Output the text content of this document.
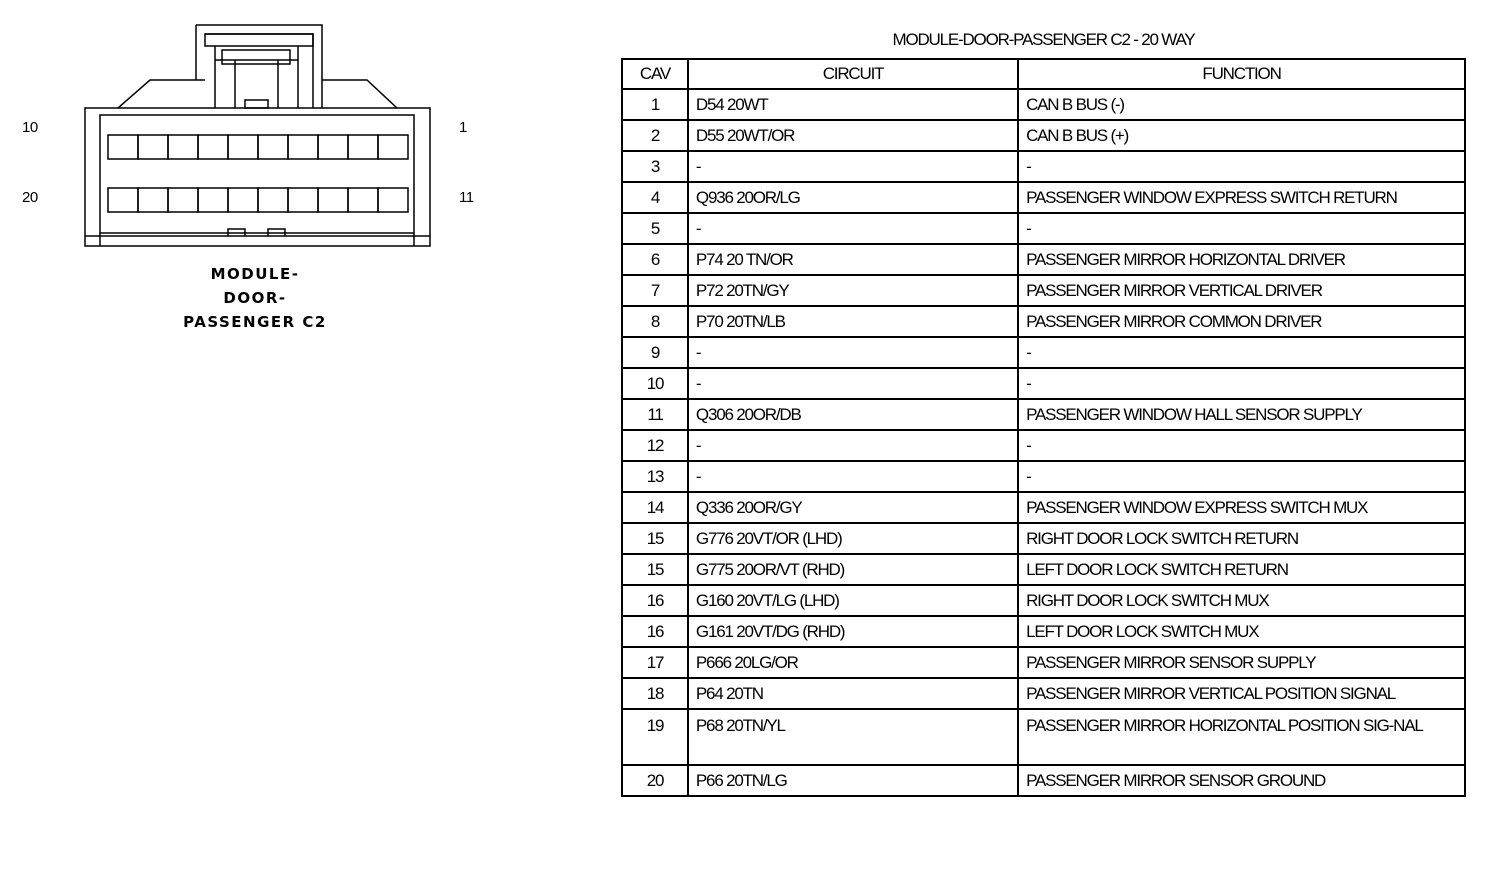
10	1
20	11
MODULE-
DOOR-
PASSENGER C2
MODULE-DOOR-PASSENGER C2 - 20 WAY
CAV	CIRCUIT	FUNCTION
1	D54 20WT	CAN B BUS (-)
2	D55 20WT/OR	CAN B BUS (+)
3	-	-
4	Q936 20OR/LG	PASSENGER WINDOW EXPRESS SWITCH RETURN
5	-	-
6	P74 20 TN/OR	PASSENGER MIRROR HORIZONTAL DRIVER
7	P72 20TN/GY	PASSENGER MIRROR VERTICAL DRIVER
8	P70 20TN/LB	PASSENGER MIRROR COMMON DRIVER
9	-	-
10	-	-
11	Q306 20OR/DB	PASSENGER WINDOW HALL SENSOR SUPPLY
12	-	-
13	-	-
14	Q336 20OR/GY	PASSENGER WINDOW EXPRESS SWITCH MUX
15	G776 20VT/OR (LHD)	RIGHT DOOR LOCK SWITCH RETURN
15	G775 20OR/VT (RHD)	LEFT DOOR LOCK SWITCH RETURN
16	G160 20VT/LG (LHD)	RIGHT DOOR LOCK SWITCH MUX
16	G161 20VT/DG (RHD)	LEFT DOOR LOCK SWITCH MUX
17	P666 20LG/OR	PASSENGER MIRROR SENSOR SUPPLY
18	P64 20TN	PASSENGER MIRROR VERTICAL POSITION SIGNAL
19	P68 20TN/YL	PASSENGER MIRROR HORIZONTAL POSITION SIG-NAL
20	P66 20TN/LG	PASSENGER MIRROR SENSOR GROUND
